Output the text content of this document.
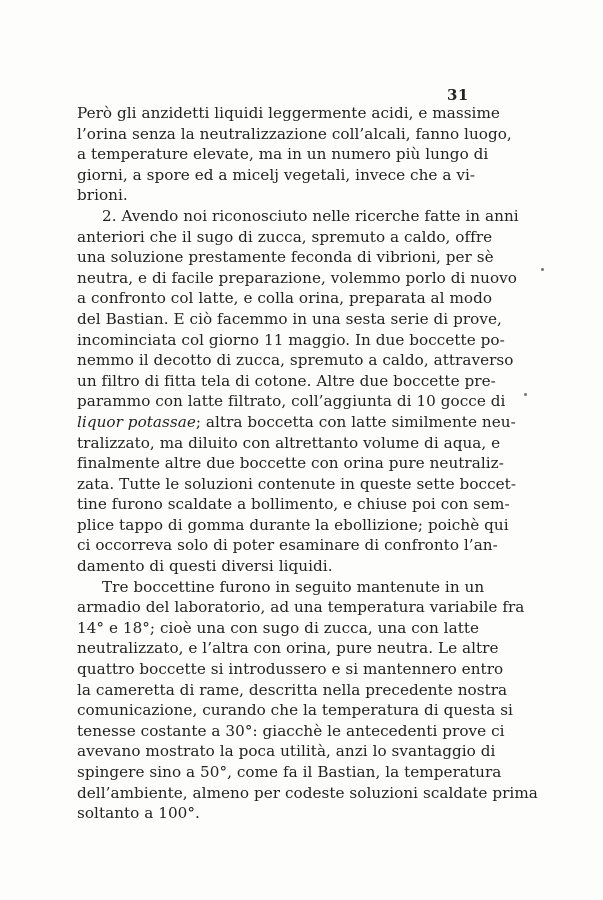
31
Però gli anzidetti liquidi leggermente acidi, e massime
l’orina senza la neutralizzazione coll’alcali, fanno luogo,
a temperature elevate, ma in un numero più lungo di
giorni, a spore ed a micelj vegetali, invece che a vi-
brioni.
2. Avendo noi riconosciuto nelle ricerche fatte in anni
anteriori che il sugo di zucca, spremuto a caldo, offre
una soluzione prestamente feconda di vibrioni, per sè
neutra, e di facile preparazione, volemmo porlo di nuovo
a confronto col latte, e colla orina, preparata al modo
del Bastian. E ciò facemmo in una sesta serie di prove,
incominciata col giorno 11 maggio. In due boccette po-
nemmo il decotto di zucca, spremuto a caldo, attraverso
un filtro di fitta tela di cotone. Altre due boccette pre-
parammo con latte filtrato, coll’aggiunta di 10 gocce di
liquor potassae; altra boccetta con latte similmente neu-
tralizzato, ma diluito con altrettanto volume di aqua, e
finalmente altre due boccette con orina pure neutraliz-
zata. Tutte le soluzioni contenute in queste sette boccet-
tine furono scaldate a bollimento, e chiuse poi con sem-
plice tappo di gomma durante la ebollizione; poichè qui
ci occorreva solo di poter esaminare di confronto l’an-
damento di questi diversi liquidi.
Tre boccettine furono in seguito mantenute in un
armadio del laboratorio, ad una temperatura variabile fra
14° e 18°; cioè una con sugo di zucca, una con latte
neutralizzato, e l’altra con orina, pure neutra. Le altre
quattro boccette si introdussero e si mantennero entro
la cameretta di rame, descritta nella precedente nostra
comunicazione, curando che la temperatura di questa si
tenesse costante a 30°: giacchè le antecedenti prove ci
avevano mostrato la poca utilità, anzi lo svantaggio di
spingere sino a 50°, come fa il Bastian, la temperatura
dell’ambiente, almeno per codeste soluzioni scaldate prima
soltanto a 100°.
